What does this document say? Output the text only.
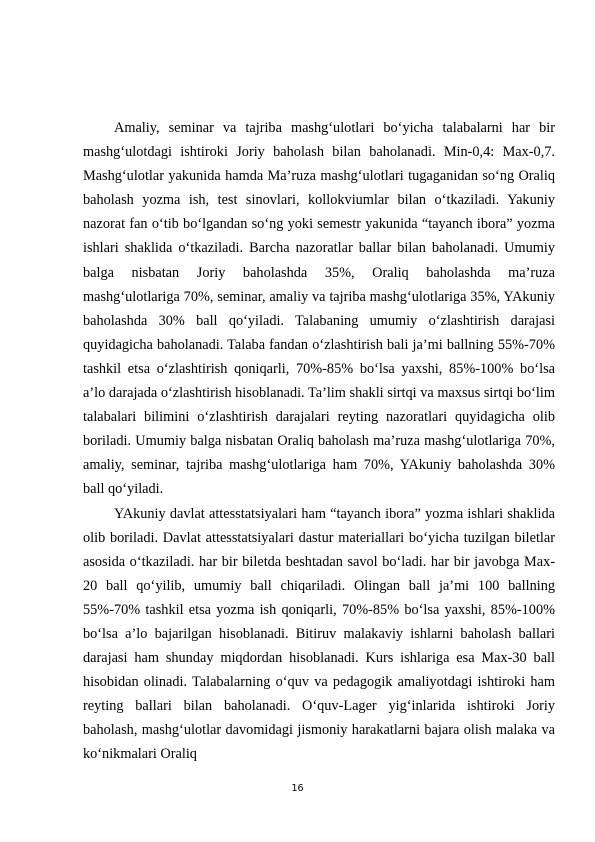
Amaliy, seminar va tajriba mashg‘ulotlari bo‘yicha talabalarni har bir mashg‘ulotdagi ishtiroki Joriy baholash bilan baholanadi. Min-0,4: Max-0,7. Mashg‘ulotlar yakunida hamda Ma’ruza mashg‘ulotlari tugaganidan so‘ng Oraliq baholash yozma ish, test sinovlari, kollokviumlar bilan o‘tkaziladi. Yakuniy nazorat fan o‘tib bo‘lgandan so‘ng yoki semestr yakunida “tayanch ibora” yozma ishlari shaklida o‘tkaziladi. Barcha nazoratlar ballar bilan baholanadi. Umumiy balga nisbatan Joriy baholashda 35%, Oraliq baholashda ma’ruza mashg‘ulotlariga 70%, seminar, amaliy va tajriba mashg‘ulotlariga 35%, YAkuniy baholashda 30% ball qo‘yiladi. Talabaning umumiy o‘zlashtirish darajasi quyidagicha baholanadi. Talaba fandan o‘zlashtirish bali ja’mi ballning 55%-70% tashkil etsa o‘zlashtirish qoniqarli, 70%-85% bo‘lsa yaxshi, 85%-100% bo‘lsa a’lo darajada o‘zlashtirish hisoblanadi. Ta’lim shakli sirtqi va maxsus sirtqi bo‘lim talabalari bilimini o‘zlashtirish darajalari reyting nazoratlari quyidagicha olib boriladi. Umumiy balga nisbatan Oraliq baholash ma’ruza mashg‘ulotlariga 70%, amaliy, seminar, tajriba mashg‘ulotlariga ham 70%, YAkuniy baholashda 30% ball qo‘yiladi.

YAkuniy davlat attesstatsiyalari ham “tayanch ibora” yozma ishlari shaklida olib boriladi. Davlat attesstatsiyalari dastur materiallari bo‘yicha tuzilgan biletlar asosida o‘tkaziladi. har bir biletda beshtadan savol bo‘ladi. har bir javobga Max-20 ball qo‘yilib, umumiy ball chiqariladi. Olingan ball ja’mi 100 ballning 55%-70% tashkil etsa yozma ish qoniqarli, 70%-85% bo‘lsa yaxshi, 85%-100% bo‘lsa a’lo bajarilgan hisoblanadi. Bitiruv malakaviy ishlarni baholash ballari darajasi ham shunday miqdordan hisoblanadi. Kurs ishlariga esa Max-30 ball hisobidan olinadi. Talabalarning o‘quv va pedagogik amaliyotdagi ishtiroki ham reyting ballari bilan baholanadi. O‘quv-Lager yig‘inlarida ishtiroki Joriy baholash, mashg‘ulotlar davomidagi jismoniy harakatlarni bajara olish malaka va ko‘nikmalari Oraliq

16
